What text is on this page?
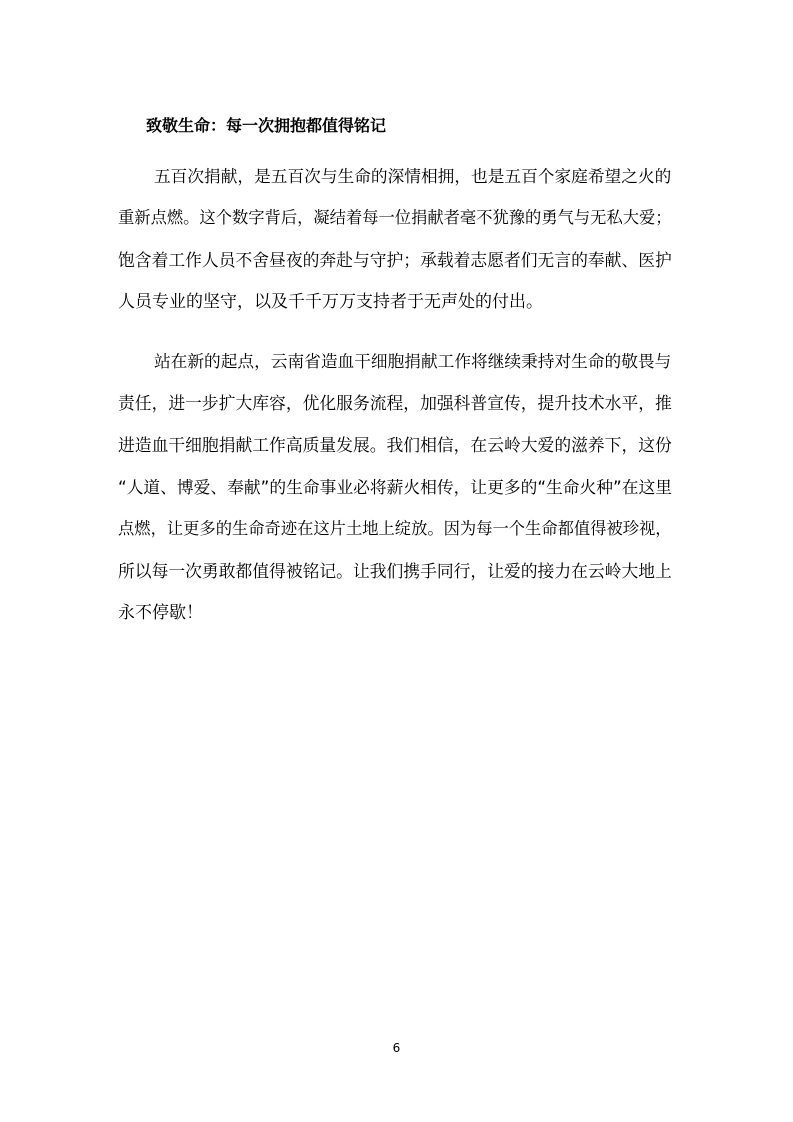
致敬生命：每一次拥抱都值得铭记
五百次捐献，是五百次与生命的深情相拥，也是五百个家庭希望之火的
重新点燃。这个数字背后，凝结着每一位捐献者毫不犹豫的勇气与无私大爱；
饱含着工作人员不舍昼夜的奔赴与守护；承载着志愿者们无言的奉献、医护
人员专业的坚守，以及千千万万支持者于无声处的付出。
站在新的起点，云南省造血干细胞捐献工作将继续秉持对生命的敬畏与
责任，进一步扩大库容，优化服务流程，加强科普宣传，提升技术水平，推
进造血干细胞捐献工作高质量发展。我们相信，在云岭大爱的滋养下，这份
“人道、博爱、奉献”的生命事业必将薪火相传，让更多的“生命火种”在这里
点燃，让更多的生命奇迹在这片土地上绽放。因为每一个生命都值得被珍视，
所以每一次勇敢都值得被铭记。让我们携手同行，让爱的接力在云岭大地上
永不停歇！
6
